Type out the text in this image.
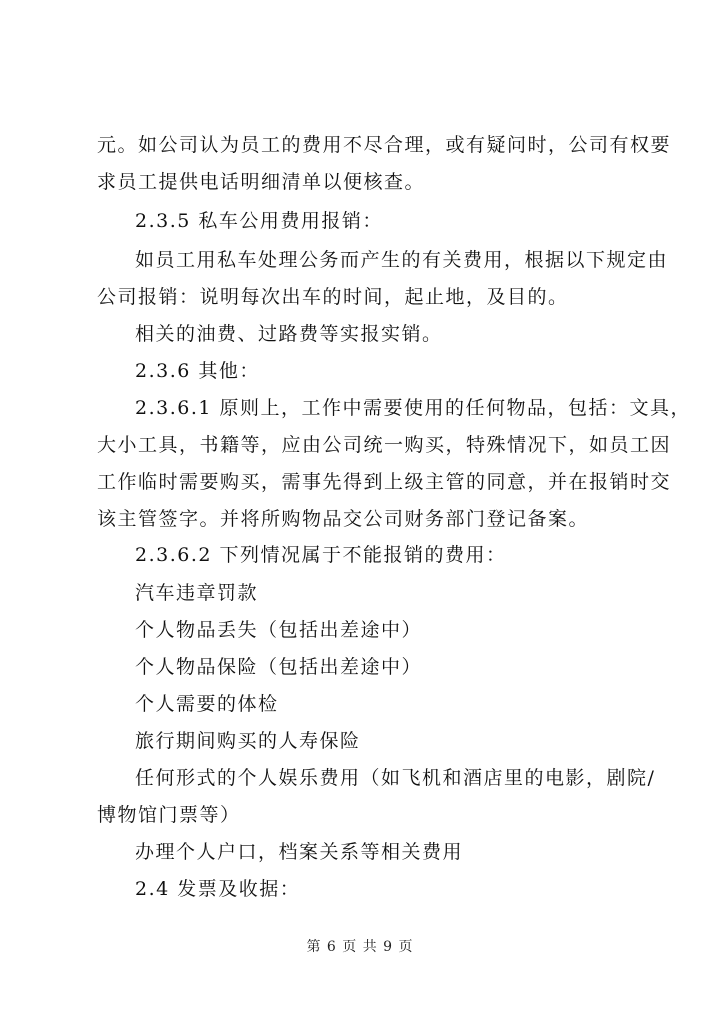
元。如公司认为员工的费用不尽合理，或有疑问时，公司有权要
求员工提供电话明细清单以便核查。
2.3.5 私车公用费用报销：
如员工用私车处理公务而产生的有关费用，根据以下规定由
公司报销：说明每次出车的时间，起止地，及目的。
相关的油费、过路费等实报实销。
2.3.6 其他：
2.3.6.1 原则上，工作中需要使用的任何物品，包括：文具，
大小工具，书籍等，应由公司统一购买，特殊情况下，如员工因
工作临时需要购买，需事先得到上级主管的同意，并在报销时交
该主管签字。并将所购物品交公司财务部门登记备案。
2.3.6.2 下列情况属于不能报销的费用：
汽车违章罚款
个人物品丢失（包括出差途中）
个人物品保险（包括出差途中）
个人需要的体检
旅行期间购买的人寿保险
任何形式的个人娱乐费用（如飞机和酒店里的电影，剧院/
博物馆门票等）
办理个人户口，档案关系等相关费用
2.4 发票及收据：
第 6 页 共 9 页
